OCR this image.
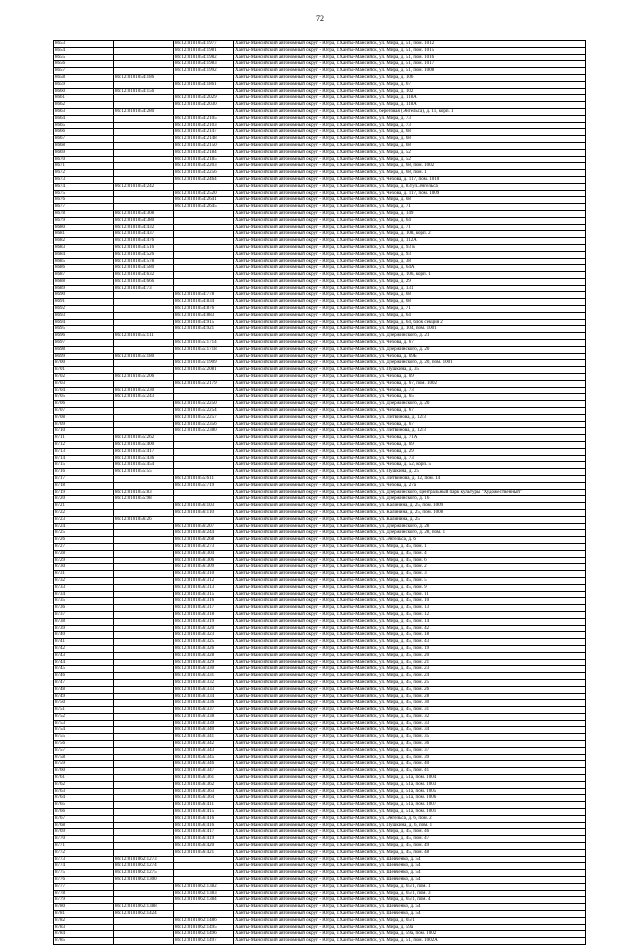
72
8653		86:12:0101054:1977	Ханты-Мансийский автономный округ - Югра, г.Ханты-Мансийск, ул. Мира, д. 51, пом. 1012
8654		86:12:0101054:1981	Ханты-Мансийский автономный округ - Югра, г.Ханты-Мансийск, ул. Мира, д. 51, пом. 1015
8655		86:12:0101054:1982	Ханты-Мансийский автономный округ - Югра, г.Ханты-Мансийск, ул. Мира, д. 51, пом. 1016
8656		86:12:0101054:1983	Ханты-Мансийский автономный округ - Югра, г.Ханты-Мансийск, ул. Мира, д. 51, пом. 1017
8657		86:12:0101054:1992	Ханты-Мансийский автономный округ - Югра, г.Ханты-Мансийск, ул. Мира, д. 51, пом. 1008
8658	86:12:0101054:186		Ханты-Мансийский автономный округ - Югра, г.Ханты-Мансийск, ул. Мира, д. 106
8659		86:12:0101054:1861	Ханты-Мансийский автономный округ - Югра, г.Ханты-Мансийск, ул. Мира, д. 67
8660	86:12:0101054:156		Ханты-Мансийский автономный округ - Югра, г.Ханты-Мансийск, ул. Мира, д. 102
8661		86:12:0101054:2029	Ханты-Мансийский автономный округ - Югра, г.Ханты-Мансийск, ул. Мира, д. 118А
8662		86:12:0101054:2030	Ханты-Мансийский автономный округ - Югра, г.Ханты-Мансийск, ул. Мира, д. 118А
8663	86:12:0101054:280		Ханты-Мансийский автономный округ - Югра, г.Ханты-Мансийск, береговая (Энгельса), д. 11, корп. 1
8664		86:12:0101054:2105	Ханты-Мансийский автономный округ - Югра, г.Ханты-Мансийск, ул. Мира, д. 73
8665		86:12:0101054:2103	Ханты-Мансийский автономный округ - Югра, г.Ханты-Мансийск, ул. Мира, д. 73
8666		86:12:0101054:2147	Ханты-Мансийский автономный округ - Югра, г.Ханты-Мансийск, ул. Мира, д. 68
8667		86:12:0101054:2148	Ханты-Мансийский автономный округ - Югра, г.Ханты-Мансийск, ул. Мира, д. 68
8668		86:12:0101054:2150	Ханты-Мансийский автономный округ - Югра, г.Ханты-Мансийск, ул. Мира, д. 68
8669		86:12:0101054:2184	Ханты-Мансийский автономный округ - Югра, г.Ханты-Мансийск, ул. Мира, д. 52
8670		86:12:0101054:2185	Ханты-Мансийский автономный округ - Югра, г.Ханты-Мансийск, ул. Мира, д. 52
8671		86:12:0101054:2203	Ханты-Мансийский автономный округ - Югра, г.Ханты-Мансийск, ул. Мира, д. 68, пом. 1002
8672		86:12:0101054:2256	Ханты-Мансийский автономный округ - Югра, г.Ханты-Мансийск, ул. Мира, д. 68, пом. 1
8673		86:12:0101054:2464	Ханты-Мансийский автономный округ - Югра, г.Ханты-Мансийск, ул. Чехова, д. 117, пом. 1010
8674	86:12:0101054:242		Ханты-Мансийский автономный округ - Югра, г.Ханты-Мансийск, ул. Мира, д. 83/ул.Энгельса
8675		86:12:0101054:2520	Ханты-Мансийский автономный округ - Югра, г.Ханты-Мансийск, ул. Чехова, д. 117, пом. 1009
8676		86:12:0101054:2641	Ханты-Мансийский автономный округ - Югра, г.Ханты-Мансийск, ул. Мира, д. 68
8677		86:12:0101054:2645	Ханты-Мансийский автономный округ - Югра, г.Ханты-Мансийск, ул. Мира, д. 71
8678	86:12:0101054:308		Ханты-Мансийский автономный округ - Югра, г.Ханты-Мансийск, ул. Мира, д. 149
8679	86:12:0101054:380		Ханты-Мансийский автономный округ - Югра, г.Ханты-Мансийск, ул. Мира, д. 64
8680	86:12:0101054:432		Ханты-Мансийский автономный округ - Югра, г.Ханты-Мансийск, ул. Мира, д. 71
8681	86:12:0101054:437		Ханты-Мансийский автономный округ - Югра, г.Ханты-Мансийск, ул. Мира, д. 108, корп. 2
8682	86:12:0101054:476		Ханты-Мансийский автономный округ - Югра, г.Ханты-Мансийск, ул. Мира, д. 112А
8683	86:12:0101054:516		Ханты-Мансийский автономный округ - Югра, г.Ханты-Мансийск, ул. Мира, д. 93 Б
8684	86:12:0101054:526		Ханты-Мансийский автономный округ - Югра, г.Ханты-Мансийск, ул. Мира, д. 93
8685	86:12:0101054:578		Ханты-Мансийский автономный округ - Югра, г.Ханты-Мансийск, ул. Мира, д. 38
8686	86:12:0101054:580		Ханты-Мансийский автономный округ - Югра, г.Ханты-Мансийск, ул. Мира, д. 64А
8687	86:12:0101054:632		Ханты-Мансийский автономный округ - Югра, г.Ханты-Мансийск, ул. Мира, д. 106, корп. 1
8688	86:12:0101054:666		Ханты-Мансийский автономный округ - Югра, г.Ханты-Мансийск, ул. Мира, д. 29
8689	86:12:0101054:73		Ханты-Мансийский автономный округ - Югра, г.Ханты-Мансийск, ул. Мира, д. 131
8690		86:12:0101054:778	Ханты-Мансийский автономный округ - Югра, г.Ханты-Мансийск, ул. Мира, д. 68
8691		86:12:0101054:834	Ханты-Мансийский автономный округ - Югра, г.Ханты-Мансийск, ул. Мира, д. 68
8692		86:12:0101054:876	Ханты-Мансийский автономный округ - Югра, г.Ханты-Мансийск, ул. Мира, д. 71
8693		86:12:0101054:883	Ханты-Мансийский автономный округ - Югра, г.Ханты-Мансийск, ул. Мира, д. 64
8694		86:12:0101054:915	Ханты-Мансийский автономный округ - Югра, г.Ханты-Мансийск, ул. Мира, д. 64, блок секция 2
8695		86:12:0101054:921	Ханты-Мансийский автономный округ - Югра, г.Ханты-Мансийск, ул. Мира, д. 104, пом. 1001
8696	86:12:0101055:111		Ханты-Мансийский автономный округ - Югра, г.Ханты-Мансийск, ул. Дзержинского, д. 21
8697		86:12:0101055:1714	Ханты-Мансийский автономный округ - Югра, г.Ханты-Мансийск, ул. Чехова, д. 67
8698		86:12:0101055:1718	Ханты-Мансийский автономный округ - Югра, г.Ханты-Мансийск, ул. Дзержинского, д. 20
8699	86:12:0101055:180		Ханты-Мансийский автономный округ - Югра, г.Ханты-Мансийск, ул. Чехова, д. 69Б
8700		86:12:0101055:1909	Ханты-Мансийский автономный округ - Югра, г.Ханты-Мансийск, ул. Дзержинского, д. 20, пом. 1001
8701		86:12:0101055:2081	Ханты-Мансийский автономный округ - Югра, г.Ханты-Мансийск, ул. Пушкина, д. 35
8702	86:12:0101055:206		Ханты-Мансийский автономный округ - Югра, г.Ханты-Мансийск, ул. Чехова, д. 69
8703		86:12:0101055:2179	Ханты-Мансийский автономный округ - Югра, г.Ханты-Мансийск, ул. Чехова, д. 67, пом. 1002
8704	86:12:0101055:230		Ханты-Мансийский автономный округ - Югра, г.Ханты-Мансийск, ул. Чехова, д. 73
8705	86:12:0101055:243		Ханты-Мансийский автономный округ - Югра, г.Ханты-Мансийск, ул. Чехова, д. 65
8706		86:12:0101055:2250	Ханты-Мансийский автономный округ - Югра, г.Ханты-Мансийск, ул. Дзержинского, д. 20
8707		86:12:0101055:2254	Ханты-Мансийский автономный округ - Югра, г.Ханты-Мансийск, ул. Чехова, д. 67
8708		86:12:0101055:2257	Ханты-Мансийский автономный округ - Югра, г.Ханты-Мансийск, ул. Литвинова, д. 12/3
8709		86:12:0101055:2356	Ханты-Мансийский автономный округ - Югра, г.Ханты-Мансийск, ул. Чехова, д. 67
8710		86:12:0101055:2380	Ханты-Мансийский автономный округ - Югра, г.Ханты-Мансийск, ул. Литвинова, д. 12/3
8711	86:12:0101055:262		Ханты-Мансийский автономный округ - Югра, г.Ханты-Мансийск, ул. Чехова, д. 71А
8712	86:12:0101055:400		Ханты-Мансийский автономный округ - Югра, г.Ханты-Мансийск, ул. Чехова, д. 69
8713	86:12:0101055:417		Ханты-Мансийский автономный округ - Югра, г.Ханты-Мансийск, ул. Чехова, д. 29
8714	86:12:0101055:436		Ханты-Мансийский автономный округ - Югра, г.Ханты-Мансийск, ул. Чехова, д. 73
8715	86:12:0101055:454		Ханты-Мансийский автономный округ - Югра, г.Ханты-Мансийск, ул. Чехова, д. 52, корп. 5
8716	86:12:0101055:55		Ханты-Мансийский автономный округ - Югра, г.Ханты-Мансийск, ул. Пушкина, д. 25
8717		86:12:0101055:611	Ханты-Мансийский автономный округ - Югра, г.Ханты-Мансийск, ул. Литвинова, д. 12, пом. 14
8718		86:12:0101055:719	Ханты-Мансийский автономный округ - Югра, г.Ханты-Мансийск, ул. Чехова, д. 27а
8719	86:12:0101055:83		Ханты-Мансийский автономный округ - Югра, г.Ханты-Мансийск, ул. Дзержинского, Центральный парк культуры "Художественный"
8720	86:12:0101055:98		Ханты-Мансийский автономный округ - Югра, г.Ханты-Мансийск, ул. Дзержинского, д. 16
8721		86:12:0101056:103	Ханты-Мансийский автономный округ - Югра, г.Ханты-Мансийск, ул. Калинина, д. 25, пом. 1009
8722		86:12:0101056:110	Ханты-Мансийский автономный округ - Югра, г.Ханты-Мансийск, ул. Калинина, д. 25, пом. 1008
8723	86:12:0101056:26		Ханты-Мансийский автономный округ - Югра, г.Ханты-Мансийск, ул. Калинина, д. 25
8724		86:12:0101056:207	Ханты-Мансийский автономный округ - Югра, г.Ханты-Мансийск, ул. Дзержинского, д. 28
8725		86:12:0101056:244	Ханты-Мансийский автономный округ - Югра, г.Ханты-Мансийск, ул. Дзержинского, д. 28, пом. 1
8726		86:12:0101056:268	Ханты-Мансийский автономный округ - Югра, г.Ханты-Мансийск, ул. Энгельса, д. 6
8727		86:12:0101056:273	Ханты-Мансийский автономный округ - Югра, г.Ханты-Мансийск, ул. Мира, д. 45, пом. 1
8728		86:12:0101056:304	Ханты-Мансийский автономный округ - Югра, г.Ханты-Мансийск, ул. Мира, д. 45, пом. 4
8729		86:12:0101056:306	Ханты-Мансийский автономный округ - Югра, г.Ханты-Мансийск, ул. Мира, д. 45, пом. 6
8730		86:12:0101056:309	Ханты-Мансийский автономный округ - Югра, г.Ханты-Мансийск, ул. Мира, д. 45, пом. 2
8731		86:12:0101056:310	Ханты-Мансийский автономный округ - Югра, г.Ханты-Мансийск, ул. Мира, д. 45, пом. 3
8732		86:12:0101056:312	Ханты-Мансийский автономный округ - Югра, г.Ханты-Мансийск, ул. Мира, д. 45, пом. 5
8733		86:12:0101056:313	Ханты-Мансийский автономный округ - Югра, г.Ханты-Мансийск, ул. Мира, д. 45, пом. 9
8734		86:12:0101056:315	Ханты-Мансийский автономный округ - Югра, г.Ханты-Мансийск, ул. Мира, д. 45, пом. 11
8735		86:12:0101056:316	Ханты-Мансийский автономный округ - Югра, г.Ханты-Мансийск, ул. Мира, д. 45, пом. 10
8736		86:12:0101056:317	Ханты-Мансийский автономный округ - Югра, г.Ханты-Мансийск, ул. Мира, д. 45, пом. 13
8737		86:12:0101056:318	Ханты-Мансийский автономный округ - Югра, г.Ханты-Мансийск, ул. Мира, д. 45, пом. 12
8738		86:12:0101056:319	Ханты-Мансийский автономный округ - Югра, г.Ханты-Мансийск, ул. Мира, д. 45, пом. 14
8739		86:12:0101056:320	Ханты-Мансийский автономный округ - Югра, г.Ханты-Мансийск, ул. Мира, д. 45, пом. 42
8740		86:12:0101056:323	Ханты-Мансийский автономный округ - Югра, г.Ханты-Мансийск, ул. Мира, д. 45, пом. 18
8741		86:12:0101056:325	Ханты-Мансийский автономный округ - Югра, г.Ханты-Мансийск, ул. Мира, д. 45, пом. 43
8742		86:12:0101056:326	Ханты-Мансийский автономный округ - Югра, г.Ханты-Мансийск, ул. Мира, д. 45, пом. 19
8743		86:12:0101056:328	Ханты-Мансийский автономный округ - Югра, г.Ханты-Мансийск, ул. Мира, д. 45, пом. 20
8744		86:12:0101056:329	Ханты-Мансийский автономный округ - Югра, г.Ханты-Мансийск, ул. Мира, д. 45, пом. 21
8745		86:12:0101056:330	Ханты-Мансийский автономный округ - Югра, г.Ханты-Мансийск, ул. Мира, д. 45, пом. 23
8746		86:12:0101056:331	Ханты-Мансийский автономный округ - Югра, г.Ханты-Мансийск, ул. Мира, д. 45, пом. 24
8747		86:12:0101056:332	Ханты-Мансийский автономный округ - Югра, г.Ханты-Мансийск, ул. Мира, д. 45, пом. 25
8748		86:12:0101056:333	Ханты-Мансийский автономный округ - Югра, г.Ханты-Мансийск, ул. Мира, д. 45, пом. 26
8749		86:12:0101056:334	Ханты-Мансийский автономный округ - Югра, г.Ханты-Мансийск, ул. Мира, д. 45, пом. 28
8750		86:12:0101056:336	Ханты-Мансийский автономный округ - Югра, г.Ханты-Мансийск, ул. Мира, д. 45, пом. 30
8751		86:12:0101056:337	Ханты-Мансийский автономный округ - Югра, г.Ханты-Мансийск, ул. Мира, д. 45, пом. 31
8752		86:12:0101056:338	Ханты-Мансийский автономный округ - Югра, г.Ханты-Мансийск, ул. Мира, д. 45, пом. 32
8753		86:12:0101056:339	Ханты-Мансийский автономный округ - Югра, г.Ханты-Мансийск, ул. Мира, д. 45, пом. 33
8754		86:12:0101056:340	Ханты-Мансийский автономный округ - Югра, г.Ханты-Мансийск, ул. Мира, д. 45, пом. 34
8755		86:12:0101056:341	Ханты-Мансийский автономный округ - Югра, г.Ханты-Мансийск, ул. Мира, д. 45, пом. 35
8756		86:12:0101056:342	Ханты-Мансийский автономный округ - Югра, г.Ханты-Мансийск, ул. Мира, д. 45, пом. 36
8757		86:12:0101056:343	Ханты-Мансийский автономный округ - Югра, г.Ханты-Мансийск, ул. Мира, д. 45, пом. 37
8758		86:12:0101056:345	Ханты-Мансийский автономный округ - Югра, г.Ханты-Мансийск, ул. Мира, д. 45, пом. 39
8759		86:12:0101056:346	Ханты-Мансийский автономный округ - Югра, г.Ханты-Мансийск, ул. Мира, д. 45, пом. 40
8760		86:12:0101056:347	Ханты-Мансийский автономный округ - Югра, г.Ханты-Мансийск, ул. Мира, д. 45, пом. 41
8761		86:12:0101056:361	Ханты-Мансийский автономный округ - Югра, г.Ханты-Мансийск, ул. Мира, д. 51а, пом. 1004
8762		86:12:0101056:362	Ханты-Мансийский автономный округ - Югра, г.Ханты-Мансийск, ул. Мира, д. 51а, пом. 1003
8763		86:12:0101056:363	Ханты-Мансийский автономный округ - Югра, г.Ханты-Мансийск, ул. Мира, д. 51а, пом. 1005
8764		86:12:0101056:364	Ханты-Мансийский автономный округ - Югра, г.Ханты-Мансийск, ул. Мира, д. 51а, пом. 1006
8765		86:12:0101056:411	Ханты-Мансийский автономный округ - Югра, г.Ханты-Мансийск, ул. Мира, д. 51а, пом. 1007
8766		86:12:0101056:415	Ханты-Мансийский автономный округ - Югра, г.Ханты-Мансийск, ул. Мира, д. 51а, пом. 1001
8767		86:12:0101056:416	Ханты-Мансийский автономный округ - Югра, г.Ханты-Мансийск, ул. Энгельса, д. 6, пом. 2
8768		86:12:0101056:416	Ханты-Мансийский автономный округ - Югра, г.Ханты-Мансийск, ул. Пушкина, д. 6, пом. 1
8769		86:12:0101056:417	Ханты-Мансийский автономный округ - Югра, г.Ханты-Мансийск, ул. Мира, д. 45, пом. 46
8770		86:12:0101056:419	Ханты-Мансийский автономный округ - Югра, г.Ханты-Мансийск, ул. Мира, д. 45, пом. 47
8771		86:12:0101056:420	Ханты-Мансийский автономный округ - Югра, г.Ханты-Мансийск, ул. Мира, д. 45, пом. 49
8772		86:12:0101056:421	Ханты-Мансийский автономный округ - Югра, г.Ханты-Мансийск, ул. Мира, д. 45, пом. 48
8773	86:12:0101062:1273		Ханты-Мансийский автономный округ - Югра, г.Ханты-Мансийск, ул. Шевченко, д. 54
8774	86:12:0101062:1274		Ханты-Мансийский автономный округ - Югра, г.Ханты-Мансийск, ул. Шевченко, д. 54
8775	86:12:0101062:1275		Ханты-Мансийский автономный округ - Югра, г.Ханты-Мансийск, ул. Шевченко, д. 54
8776	86:12:0101062:1300		Ханты-Мансийский автономный округ - Югра, г.Ханты-Мансийск, ул. Шевченко, д. 54
8777		86:12:0101062:1382	Ханты-Мансийский автономный округ - Югра, г.Ханты-Мансийск, ул. Мира, д. 65/1, пом. 1
8778		86:12:0101062:1383	Ханты-Мансийский автономный округ - Югра, г.Ханты-Мансийск, ул. Мира, д. 65/1, пом. 3
8779		86:12:0101062:1384	Ханты-Мансийский автономный округ - Югра, г.Ханты-Мансийск, ул. Мира, д. 65/1, пом. 4
8780	86:12:0101062:1388		Ханты-Мансийский автономный округ - Югра, г.Ханты-Мансийск, ул. Шевченко, д. 54
8781	86:12:0101062:1424		Ханты-Мансийский автономный округ - Югра, г.Ханты-Мансийск, ул. Шевченко, д. 54
8782		86:12:0101062:1486	Ханты-Мансийский автономный округ - Югра, г.Ханты-Мансийск, ул. Мира, д. 65/1
8783		86:12:0101062:1495	Ханты-Мансийский автономный округ - Югра, г.Ханты-Мансийск, ул. Мира, д. 59а
8784		86:12:0101062:1496	Ханты-Мансийский автономный округ - Югра, г.Ханты-Мансийск, ул. Мира, д. 59а, пом. 1002
8785		86:12:0101062:1497	Ханты-Мансийский автономный округ - Югра, г.Ханты-Мансийск, ул. Мира, д. 51, пом. 1002А
